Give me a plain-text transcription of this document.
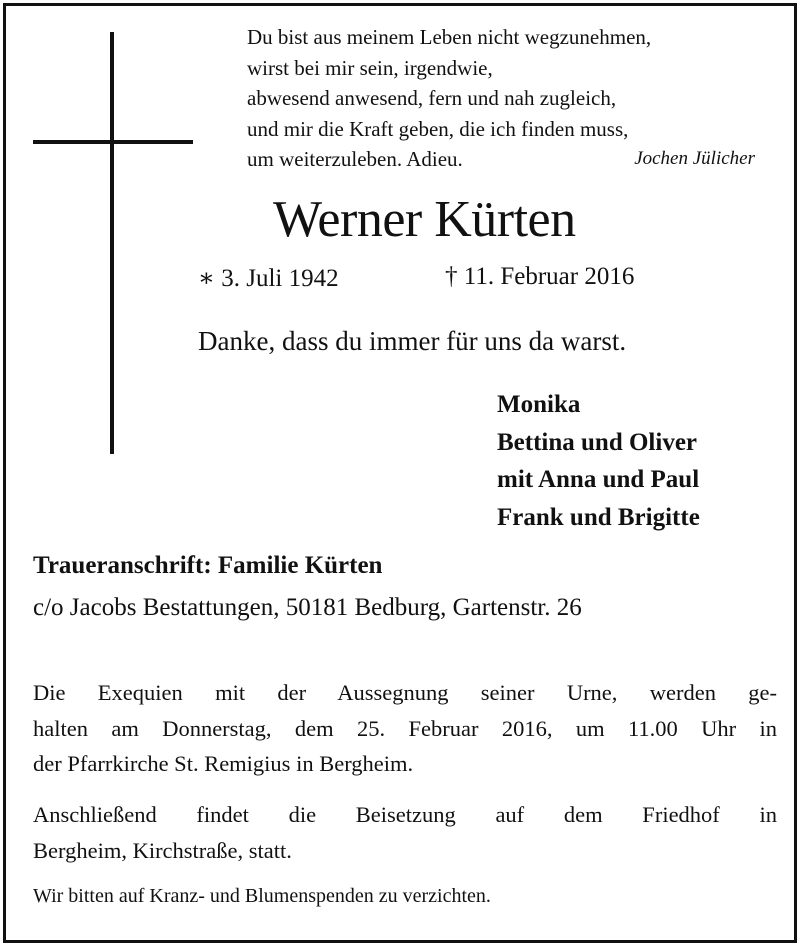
Du bist aus meinem Leben nicht wegzunehmen,
wirst bei mir sein, irgendwie,
abwesend anwesend, fern und nah zugleich,
und mir die Kraft geben, die ich finden muss,
um weiterzuleben. Adieu.	Jochen Jülicher
Werner Kürten
∗ 3. Juli 1942	† 11. Februar 2016
Danke, dass du immer für uns da warst.
Monika
Bettina und Oliver
mit Anna und Paul
Frank und Brigitte
Traueranschrift: Familie Kürten
c/o Jacobs Bestattungen, 50181 Bedburg, Gartenstr. 26
Die Exequien mit der Aussegnung seiner Urne, werden ge-
halten am Donnerstag, dem 25. Februar 2016, um 11.00 Uhr in
der Pfarrkirche St. Remigius in Bergheim.
Anschließend findet die Beisetzung auf dem Friedhof in
Bergheim, Kirchstraße, statt.
Wir bitten auf Kranz- und Blumenspenden zu verzichten.
